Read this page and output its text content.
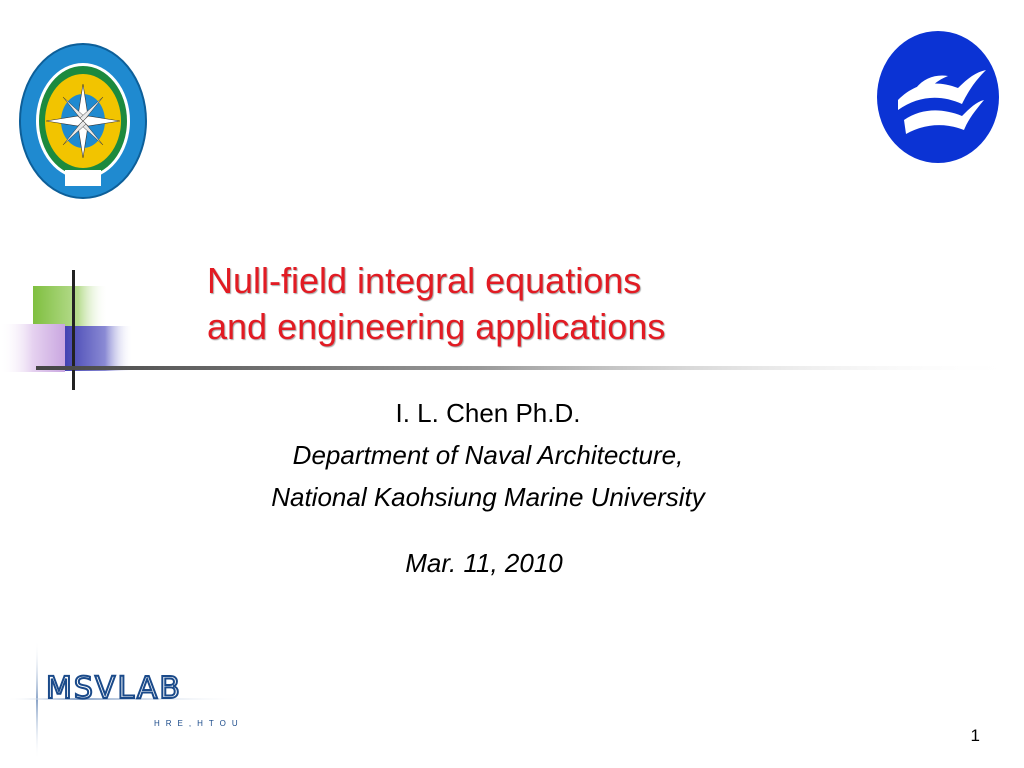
Null-field integral equations
and engineering applications
I. L. Chen Ph.D.
Department of Naval Architecture,
National Kaohsiung Marine University
Mar. 11, 2010
MSVLAB
HRE,HTOU
1
